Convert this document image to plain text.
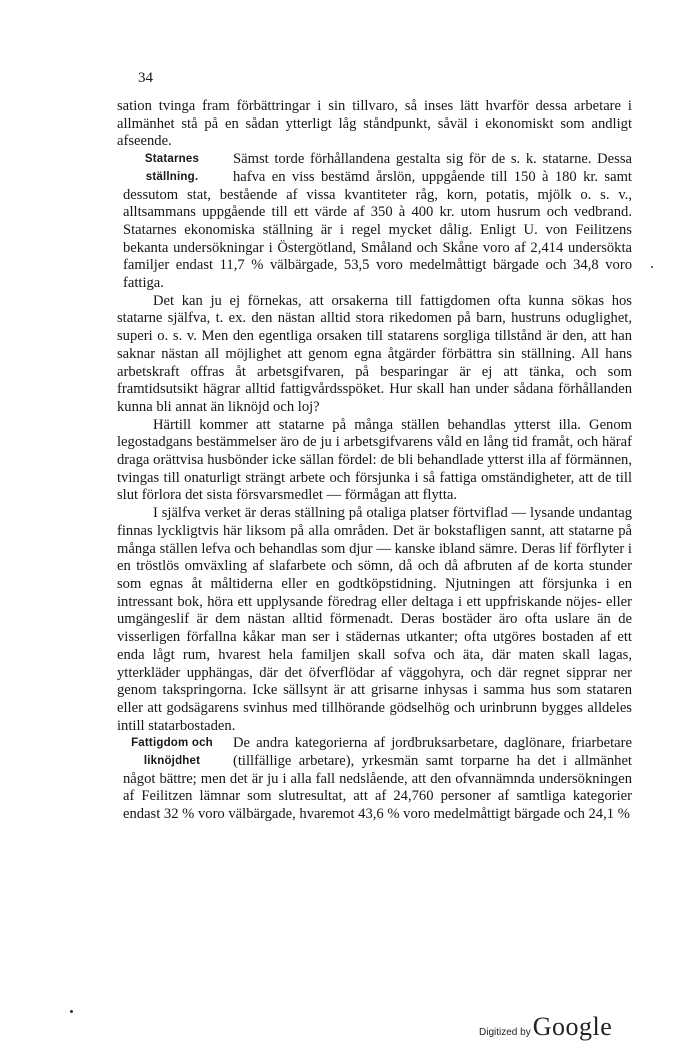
34

sation tvinga fram förbättringar i sin tillvaro, så inses lätt hvarför dessa arbetare i allmänhet stå på en sådan ytterligt låg ståndpunkt, såväl i ekonomiskt som andligt afseende.

Statarnes
ställning.

Sämst torde förhållandena gestalta sig för de s. k. statarne. Dessa hafva en viss bestämd årslön, uppgående till 150 à 180 kr. samt dessutom stat, bestående af vissa kvantiteter råg, korn, potatis, mjölk o. s. v., alltsammans uppgående till ett värde af 350 à 400 kr. utom husrum och vedbrand. Statarnes ekonomiska ställning är i regel mycket dålig. Enligt U. von Feilitzens bekanta undersökningar i Östergötland, Småland och Skåne voro af 2,414 undersökta familjer endast 11,7 % välbärgade, 53,5 voro medelmåttigt bärgade och 34,8 voro fattiga.

Det kan ju ej förnekas, att orsakerna till fattigdomen ofta kunna sökas hos statarne själfva, t. ex. den nästan alltid stora rikedomen på barn, hustruns oduglighet, superi o. s. v. Men den egentliga orsaken till statarens sorgliga tillstånd är den, att han saknar nästan all möjlighet att genom egna åtgärder förbättra sin ställning. All hans arbetskraft offras åt arbetsgifvaren, på besparingar är ej att tänka, och som framtidsutsikt hägrar alltid fattigvårdsspöket. Hur skall han under sådana förhållanden kunna bli annat än liknöjd och loj?

Härtill kommer att statarne på många ställen behandlas ytterst illa. Genom legostadgans bestämmelser äro de ju i arbetsgifvarens våld en lång tid framåt, och häraf draga orättvisa husbönder icke sällan fördel: de bli behandlade ytterst illa af förmännen, tvingas till onaturligt strängt arbete och försjunka i så fattiga omständigheter, att de till slut förlora det sista försvarsmedlet — förmågan att flytta.

I själfva verket är deras ställning på otaliga platser förtviflad — lysande undantag finnas lyckligtvis här liksom på alla områden. Det är bokstafligen sannt, att statarne på många ställen lefva och behandlas som djur — kanske ibland sämre. Deras lif förflyter i en tröstlös omväxling af slafarbete och sömn, då och då afbruten af de korta stunder som egnas åt måltiderna eller en godtköpstidning. Njutningen att försjunka i en intressant bok, höra ett upplysande föredrag eller deltaga i ett uppfriskande nöjes- eller umgängeslif är dem nästan alltid förmenadt. Deras bostäder äro ofta uslare än de visserligen förfallna kåkar man ser i städernas utkanter; ofta utgöres bostaden af ett enda lågt rum, hvarest hela familjen skall sofva och äta, där maten skall lagas, ytterkläder upphängas, där det öfverflödar af väggohyra, och där regnet sipprar ner genom takspringorna. Icke sällsynt är att grisarne inhysas i samma hus som stataren eller att godsägarens svinhus med tillhörande gödselhög och urinbrunn bygges alldeles intill statarbostaden.

Fattigdom och
liknöjdhet

De andra kategorierna af jordbruksarbetare, daglönare, friarbetare (tillfällige arbetare), yrkesmän samt torparne ha det i allmänhet något bättre; men det är ju i alla fall nedslående, att den ofvannämnda undersökningen af Feilitzen lämnar som slutresultat, att af 24,760 personer af samtliga kategorier endast 32 % voro välbärgade, hvaremot 43,6 % voro medelmåttigt bärgade och 24,1 %

Digitized by Google
